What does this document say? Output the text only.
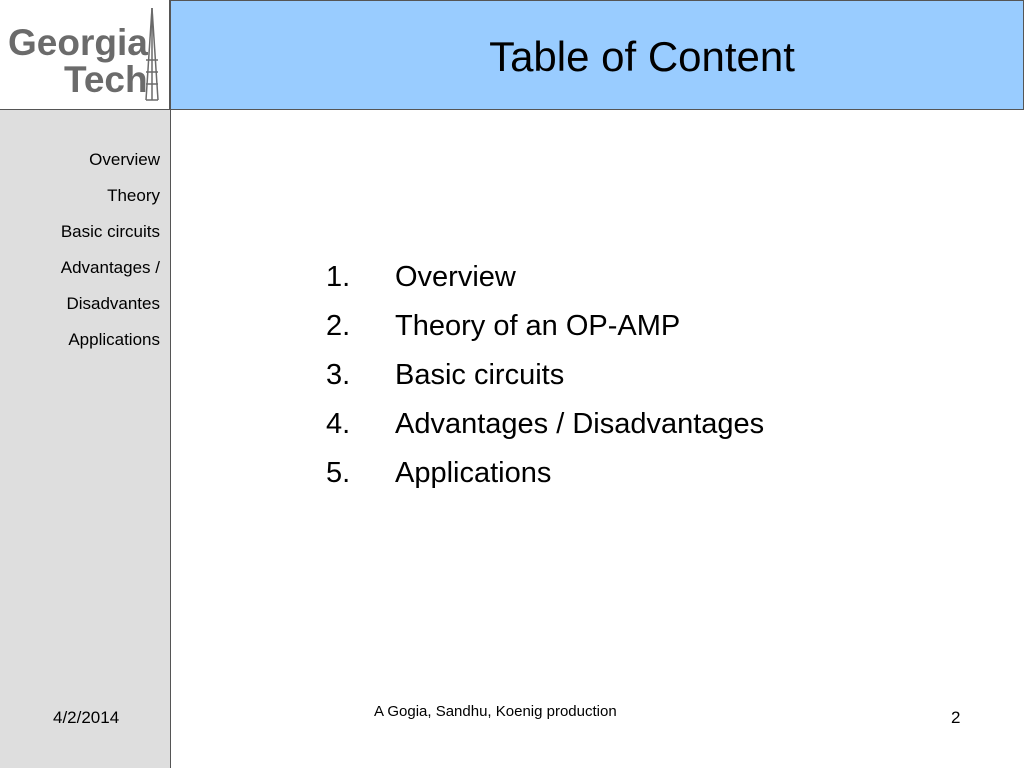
Georgia
Tech	Table of Content
Overview
Theory
Basic circuits
Advantages /
Disadvantes
Applications
4/2/2014
1.	Overview
2.	Theory of an OP-AMP
3.	Basic circuits
4.	Advantages / Disadvantages
5.	Applications
A Gogia, Sandhu, Koenig production	2
